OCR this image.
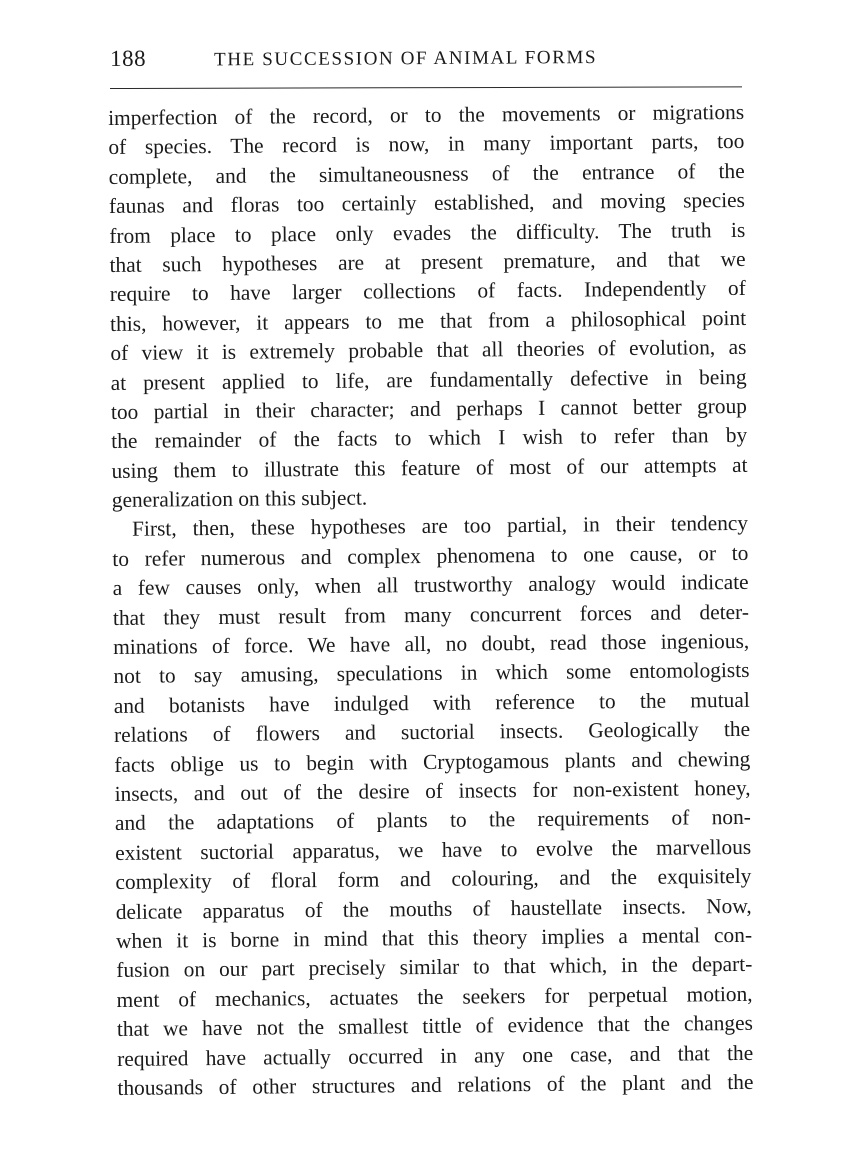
188	THE SUCCESSION OF ANIMAL FORMS
imperfection of the record, or to the movements or migrations
of species. The record is now, in many important parts, too
complete, and the simultaneousness of the entrance of the
faunas and floras too certainly established, and moving species
from place to place only evades the difficulty. The truth is
that such hypotheses are at present premature, and that we
require to have larger collections of facts. Independently of
this, however, it appears to me that from a philosophical point
of view it is extremely probable that all theories of evolution, as
at present applied to life, are fundamentally defective in being
too partial in their character; and perhaps I cannot better group
the remainder of the facts to which I wish to refer than by
using them to illustrate this feature of most of our attempts at
generalization on this subject.
First, then, these hypotheses are too partial, in their tendency
to refer numerous and complex phenomena to one cause, or to
a few causes only, when all trustworthy analogy would indicate
that they must result from many concurrent forces and deter-
minations of force. We have all, no doubt, read those ingenious,
not to say amusing, speculations in which some entomologists
and botanists have indulged with reference to the mutual
relations of flowers and suctorial insects. Geologically the
facts oblige us to begin with Cryptogamous plants and chewing
insects, and out of the desire of insects for non-existent honey,
and the adaptations of plants to the requirements of non-
existent suctorial apparatus, we have to evolve the marvellous
complexity of floral form and colouring, and the exquisitely
delicate apparatus of the mouths of haustellate insects. Now,
when it is borne in mind that this theory implies a mental con-
fusion on our part precisely similar to that which, in the depart-
ment of mechanics, actuates the seekers for perpetual motion,
that we have not the smallest tittle of evidence that the changes
required have actually occurred in any one case, and that the
thousands of other structures and relations of the plant and the
